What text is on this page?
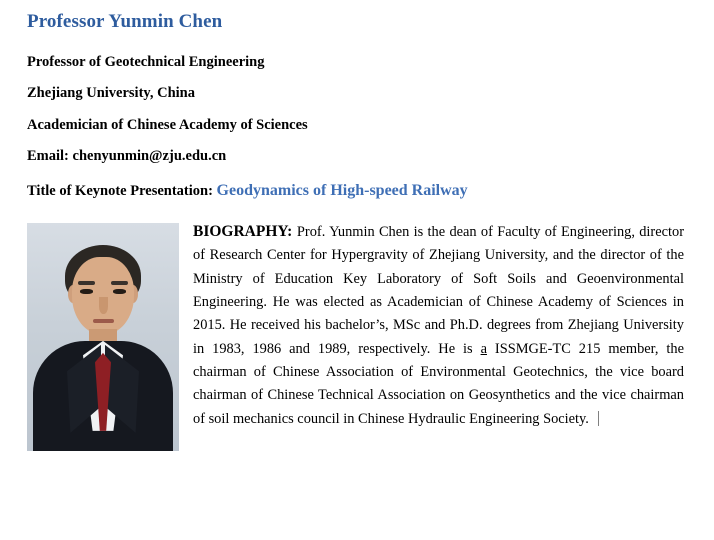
Professor Yunmin Chen
Professor of Geotechnical Engineering
Zhejiang University, China
Academician of Chinese Academy of Sciences
Email: chenyunmin@zju.edu.cn
Title of Keynote Presentation: Geodynamics of High-speed Railway
BIOGRAPHY: Prof. Yunmin Chen is the dean of Faculty of Engineering, director of Research Center for Hypergravity of Zhejiang University, and the director of the Ministry of Education Key Laboratory of Soft Soils and Geoenvironmental Engineering. He was elected as Academician of Chinese Academy of Sciences in 2015. He received his bachelor’s, MSc and Ph.D. degrees from Zhejiang University in 1983, 1986 and 1989, respectively. He is a ISSMGE-TC 215 member, the chairman of Chinese Association of Environmental Geotechnics, the vice board chairman of Chinese Technical Association on Geosynthetics and the vice chairman of soil mechanics council in Chinese Hydraulic Engineering Society.
